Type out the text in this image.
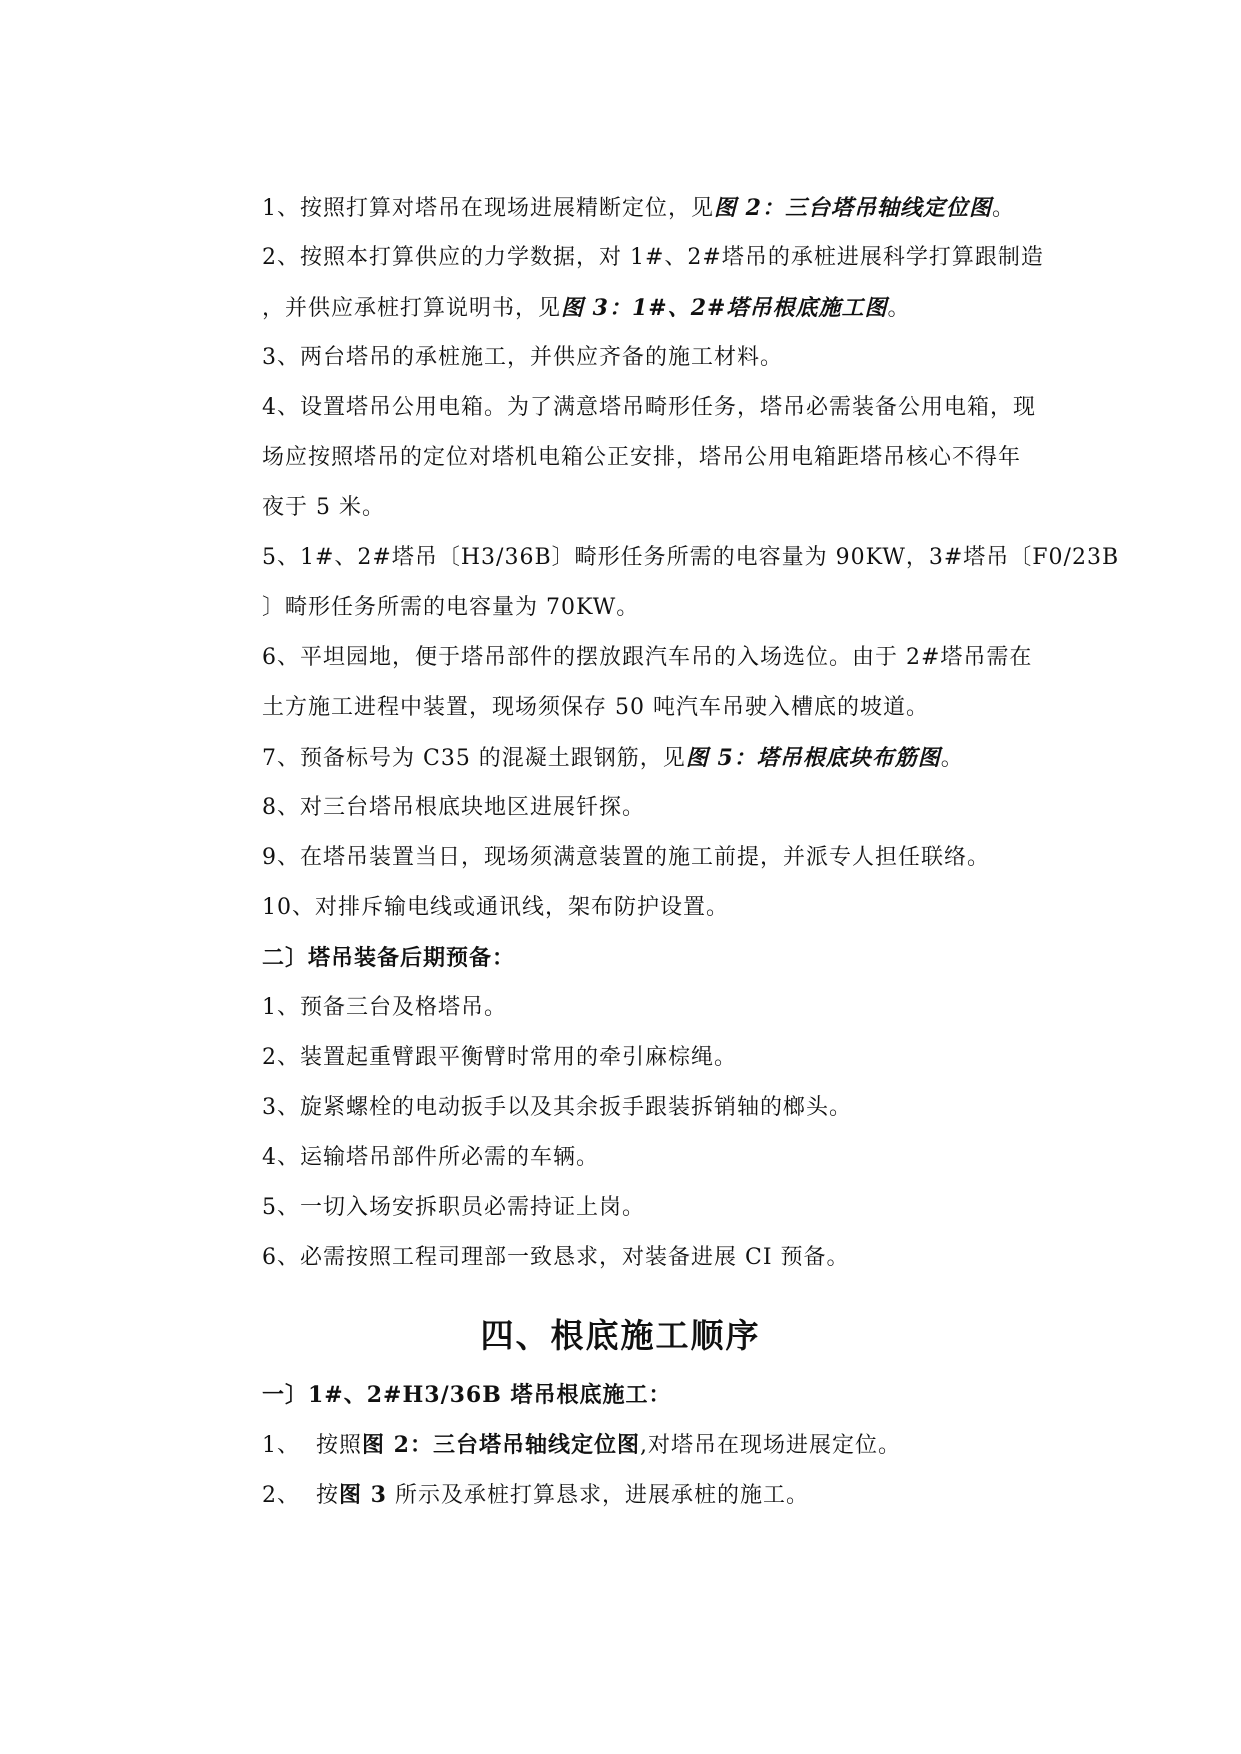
1、按照打算对塔吊在现场进展精断定位，见图 2：三台塔吊轴线定位图。
2、按照本打算供应的力学数据，对 1#、2#塔吊的承桩进展科学打算跟制造
，并供应承桩打算说明书，见图 3：1#、2#塔吊根底施工图。
3、两台塔吊的承桩施工，并供应齐备的施工材料。
4、设置塔吊公用电箱。为了满意塔吊畸形任务，塔吊必需装备公用电箱，现
场应按照塔吊的定位对塔机电箱公正安排，塔吊公用电箱距塔吊核心不得年
夜于 5 米。
5、1#、2#塔吊〔H3/36B〕畸形任务所需的电容量为 90KW，3#塔吊〔F0/23B
〕畸形任务所需的电容量为 70KW。
6、平坦园地，便于塔吊部件的摆放跟汽车吊的入场选位。由于 2#塔吊需在
土方施工进程中装置，现场须保存 50 吨汽车吊驶入槽底的坡道。
7、预备标号为 C35 的混凝土跟钢筋，见图 5：塔吊根底块布筋图。
8、对三台塔吊根底块地区进展钎探。
9、在塔吊装置当日，现场须满意装置的施工前提，并派专人担任联络。
10、对排斥输电线或通讯线，架布防护设置。
二〕塔吊装备后期预备：
1、预备三台及格塔吊。
2、装置起重臂跟平衡臂时常用的牵引麻棕绳。
3、旋紧螺栓的电动扳手以及其余扳手跟装拆销轴的榔头。
4、运输塔吊部件所必需的车辆。
5、一切入场安拆职员必需持证上岗。
6、必需按照工程司理部一致恳求，对装备进展 CI 预备。
四、根底施工顺序
一〕1#、2#H3/36B 塔吊根底施工：
1、 按照图 2：三台塔吊轴线定位图,对塔吊在现场进展定位。
2、 按图 3 所示及承桩打算恳求，进展承桩的施工。
